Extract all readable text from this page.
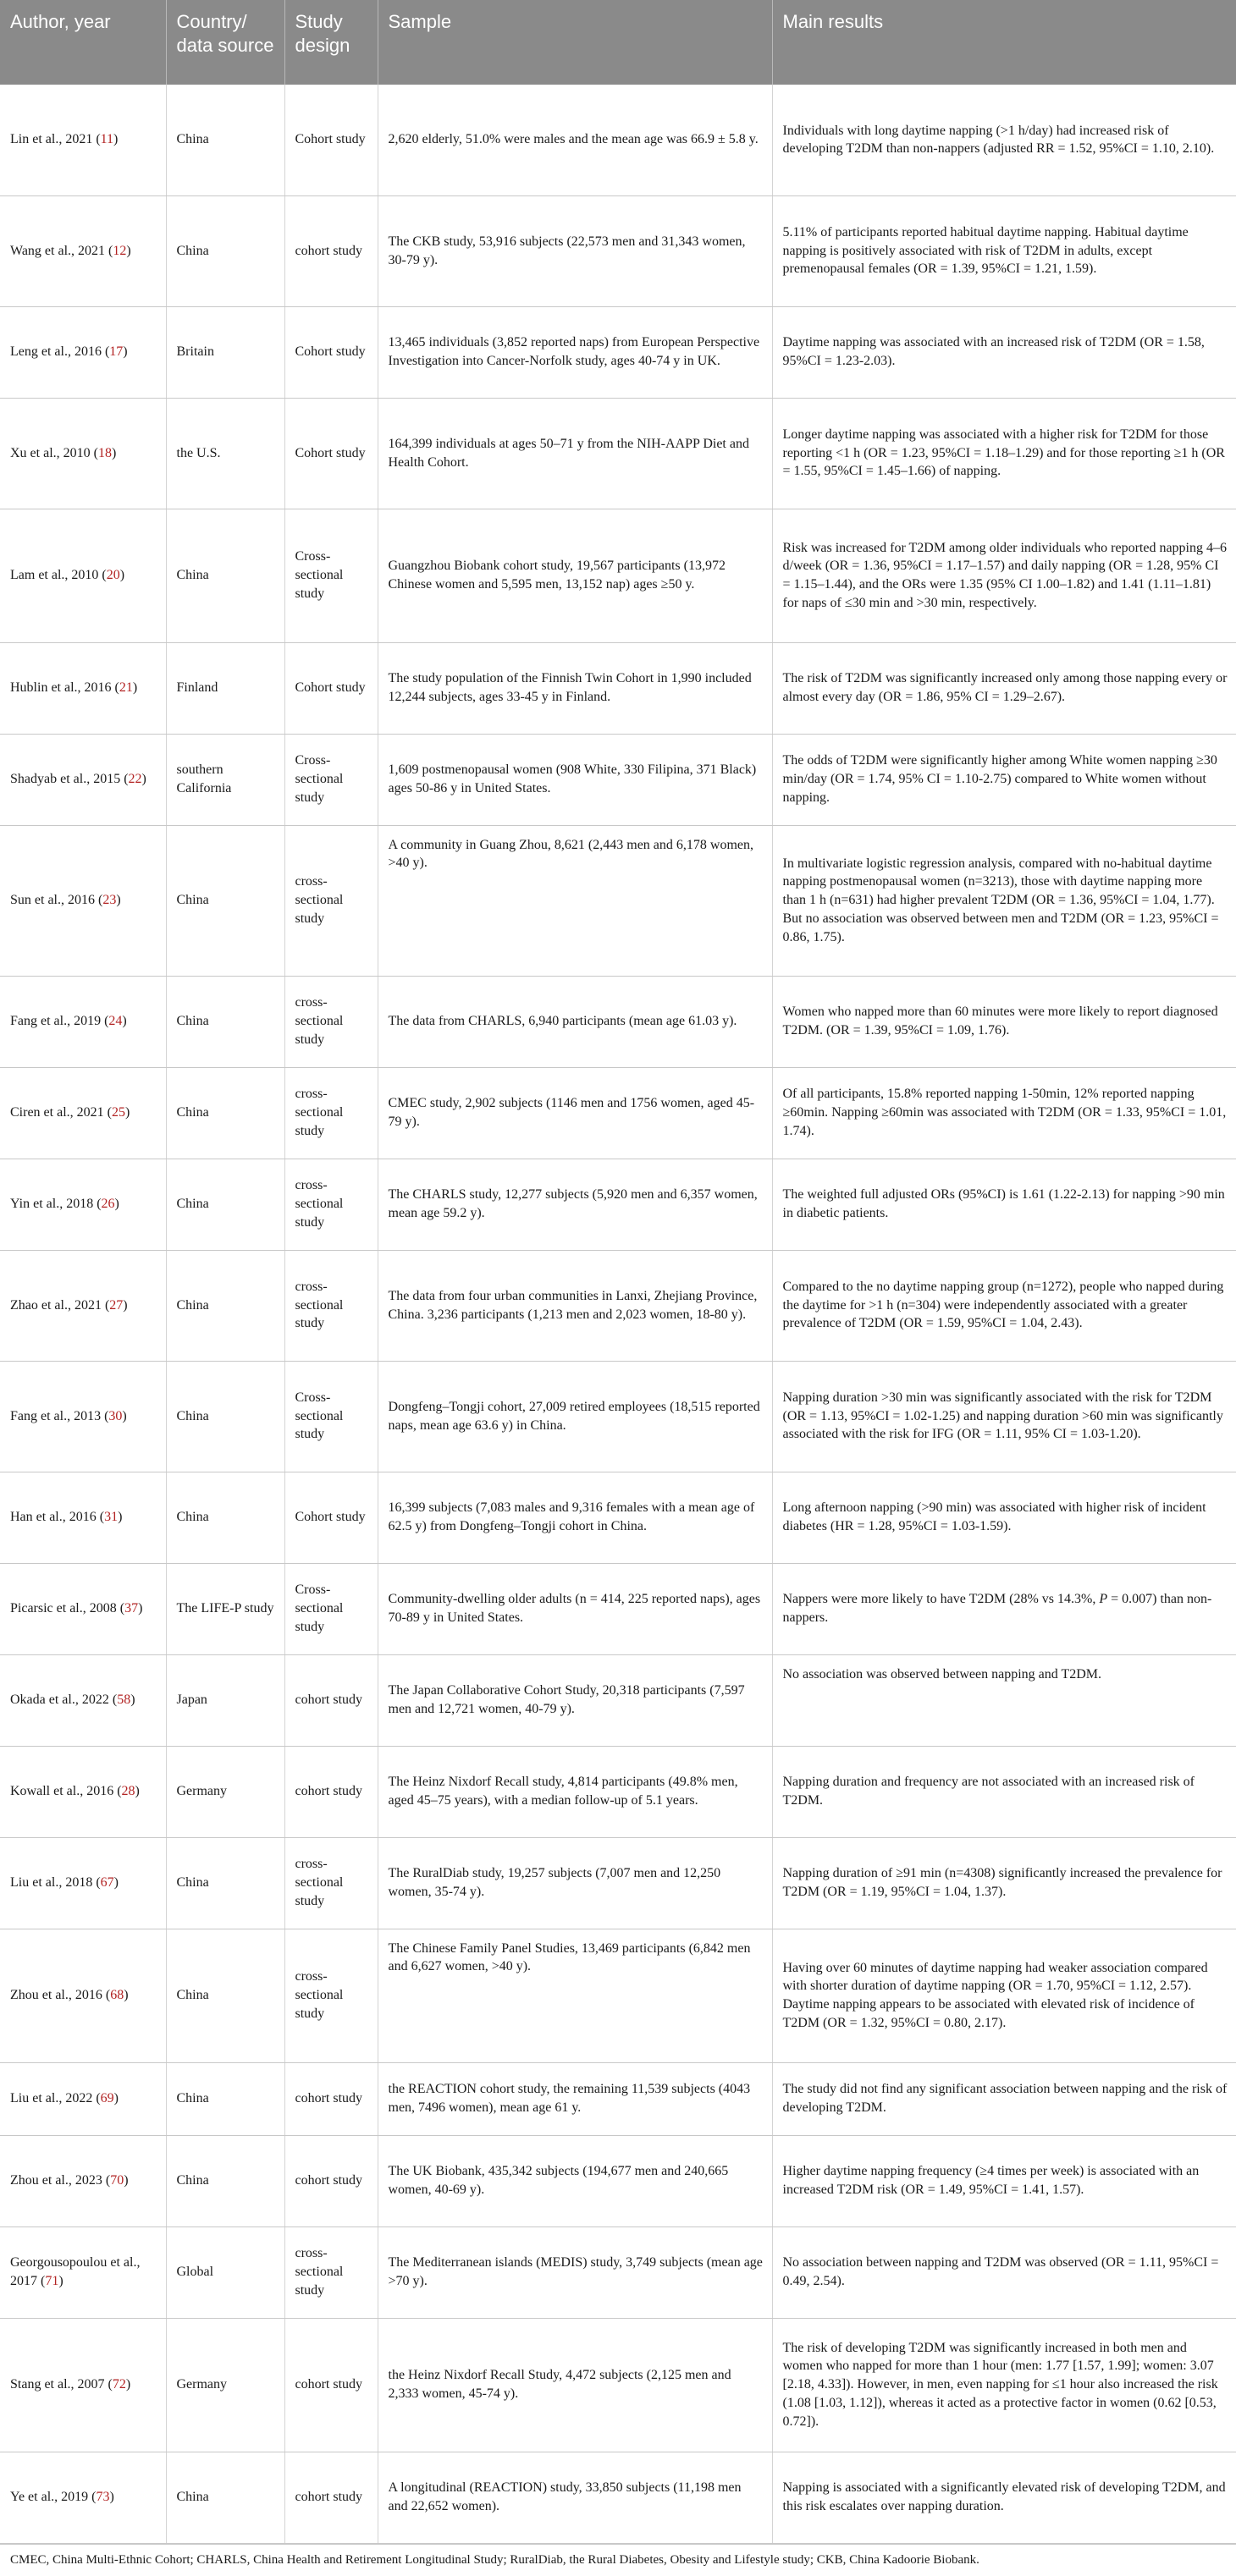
Author, year	Country/ data source	Study design	Sample	Main results
Lin et al., 2021 (11)	China	Cohort study	2,620 elderly, 51.0% were males and the mean age was 66.9 ± 5.8 y.	Individuals with long daytime napping (>1 h/day) had increased risk of developing T2DM than non-nappers (adjusted RR = 1.52, 95%CI = 1.10, 2.10).
Wang et al., 2021 (12)	China	cohort study	The CKB study, 53,916 subjects (22,573 men and 31,343 women, 30-79 y).	5.11% of participants reported habitual daytime napping. Habitual daytime napping is positively associated with risk of T2DM in adults, except premenopausal females (OR = 1.39, 95%CI = 1.21, 1.59).
Leng et al., 2016 (17)	Britain	Cohort study	13,465 individuals (3,852 reported naps) from European Perspective Investigation into Cancer-Norfolk study, ages 40-74 y in UK.	Daytime napping was associated with an increased risk of T2DM (OR = 1.58, 95%CI = 1.23-2.03).
Xu et al., 2010 (18)	the U.S.	Cohort study	164,399 individuals at ages 50–71 y from the NIH-AAPP Diet and Health Cohort.	Longer daytime napping was associated with a higher risk for T2DM for those reporting <1 h (OR = 1.23, 95%CI = 1.18–1.29) and for those reporting ≥1 h (OR = 1.55, 95%CI = 1.45–1.66) of napping.
Lam et al., 2010 (20)	China	Cross-sectional study	Guangzhou Biobank cohort study, 19,567 participants (13,972 Chinese women and 5,595 men, 13,152 nap) ages ≥50 y.	Risk was increased for T2DM among older individuals who reported napping 4–6 d/week (OR = 1.36, 95%CI = 1.17–1.57) and daily napping (OR = 1.28, 95% CI = 1.15–1.44), and the ORs were 1.35 (95% CI 1.00–1.82) and 1.41 (1.11–1.81) for naps of ≤30 min and >30 min, respectively.
Hublin et al., 2016 (21)	Finland	Cohort study	The study population of the Finnish Twin Cohort in 1,990 included 12,244 subjects, ages 33-45 y in Finland.	The risk of T2DM was significantly increased only among those napping every or almost every day (OR = 1.86, 95% CI = 1.29–2.67).
Shadyab et al., 2015 (22)	southern California	Cross-sectional study	1,609 postmenopausal women (908 White, 330 Filipina, 371 Black) ages 50-86 y in United States.	The odds of T2DM were significantly higher among White women napping ≥30 min/day (OR = 1.74, 95% CI = 1.10-2.75) compared to White women without napping.
Sun et al., 2016 (23)	China	cross-sectional study	A community in Guang Zhou, 8,621 (2,443 men and 6,178 women, >40 y).	In multivariate logistic regression analysis, compared with no-habitual daytime napping postmenopausal women (n=3213), those with daytime napping more than 1 h (n=631) had higher prevalent T2DM (OR = 1.36, 95%CI = 1.04, 1.77). But no association was observed between men and T2DM (OR = 1.23, 95%CI = 0.86, 1.75).
Fang et al., 2019 (24)	China	cross-sectional study	The data from CHARLS, 6,940 participants (mean age 61.03 y).	Women who napped more than 60 minutes were more likely to report diagnosed T2DM. (OR = 1.39, 95%CI = 1.09, 1.76).
Ciren et al., 2021 (25)	China	cross-sectional study	CMEC study, 2,902 subjects (1146 men and 1756 women, aged 45-79 y).	Of all participants, 15.8% reported napping 1-50min, 12% reported napping ≥60min. Napping ≥60min was associated with T2DM (OR = 1.33, 95%CI = 1.01, 1.74).
Yin et al., 2018 (26)	China	cross-sectional study	The CHARLS study, 12,277 subjects (5,920 men and 6,357 women, mean age 59.2 y).	The weighted full adjusted ORs (95%CI) is 1.61 (1.22-2.13) for napping >90 min in diabetic patients.
Zhao et al., 2021 (27)	China	cross-sectional study	The data from four urban communities in Lanxi, Zhejiang Province, China. 3,236 participants (1,213 men and 2,023 women, 18-80 y).	Compared to the no daytime napping group (n=1272), people who napped during the daytime for >1 h (n=304) were independently associated with a greater prevalence of T2DM (OR = 1.59, 95%CI = 1.04, 2.43).
Fang et al., 2013 (30)	China	Cross-sectional study	Dongfeng–Tongji cohort, 27,009 retired employees (18,515 reported naps, mean age 63.6 y) in China.	Napping duration >30 min was significantly associated with the risk for T2DM (OR = 1.13, 95%CI = 1.02-1.25) and napping duration >60 min was significantly associated with the risk for IFG (OR = 1.11, 95% CI = 1.03-1.20).
Han et al., 2016 (31)	China	Cohort study	16,399 subjects (7,083 males and 9,316 females with a mean age of 62.5 y) from Dongfeng–Tongji cohort in China.	Long afternoon napping (>90 min) was associated with higher risk of incident diabetes (HR = 1.28, 95%CI = 1.03-1.59).
Picarsic et al., 2008 (37)	The LIFE-P study	Cross-sectional study	Community-dwelling older adults (n = 414, 225 reported naps), ages 70-89 y in United States.	Nappers were more likely to have T2DM (28% vs 14.3%, P = 0.007) than non-nappers.
Okada et al., 2022 (58)	Japan	cohort study	The Japan Collaborative Cohort Study, 20,318 participants (7,597 men and 12,721 women, 40-79 y).	No association was observed between napping and T2DM.
Kowall et al., 2016 (28)	Germany	cohort study	The Heinz Nixdorf Recall study, 4,814 participants (49.8% men, aged 45–75 years), with a median follow-up of 5.1 years.	Napping duration and frequency are not associated with an increased risk of T2DM.
Liu et al., 2018 (67)	China	cross-sectional study	The RuralDiab study, 19,257 subjects (7,007 men and 12,250 women, 35-74 y).	Napping duration of ≥91 min (n=4308) significantly increased the prevalence for T2DM (OR = 1.19, 95%CI = 1.04, 1.37).
Zhou et al., 2016 (68)	China	cross-sectional study	The Chinese Family Panel Studies, 13,469 participants (6,842 men and 6,627 women, >40 y).	Having over 60 minutes of daytime napping had weaker association compared with shorter duration of daytime napping (OR = 1.70, 95%CI = 1.12, 2.57). Daytime napping appears to be associated with elevated risk of incidence of T2DM (OR = 1.32, 95%CI = 0.80, 2.17).
Liu et al., 2022 (69)	China	cohort study	the REACTION cohort study, the remaining 11,539 subjects (4043 men, 7496 women), mean age 61 y.	The study did not find any significant association between napping and the risk of developing T2DM.
Zhou et al., 2023 (70)	China	cohort study	The UK Biobank, 435,342 subjects (194,677 men and 240,665 women, 40-69 y).	Higher daytime napping frequency (≥4 times per week) is associated with an increased T2DM risk (OR = 1.49, 95%CI = 1.41, 1.57).
Georgousopoulou et al., 2017 (71)	Global	cross-sectional study	The Mediterranean islands (MEDIS) study, 3,749 subjects (mean age >70 y).	No association between napping and T2DM was observed (OR = 1.11, 95%CI = 0.49, 2.54).
Stang et al., 2007 (72)	Germany	cohort study	the Heinz Nixdorf Recall Study, 4,472 subjects (2,125 men and 2,333 women, 45-74 y).	The risk of developing T2DM was significantly increased in both men and women who napped for more than 1 hour (men: 1.77 [1.57, 1.99]; women: 3.07 [2.18, 4.33]). However, in men, even napping for ≤1 hour also increased the risk (1.08 [1.03, 1.12]), whereas it acted as a protective factor in women (0.62 [0.53, 0.72]).
Ye et al., 2019 (73)	China	cohort study	A longitudinal (REACTION) study, 33,850 subjects (11,198 men and 22,652 women).	Napping is associated with a significantly elevated risk of developing T2DM, and this risk escalates over napping duration.
CMEC, China Multi-Ethnic Cohort; CHARLS, China Health and Retirement Longitudinal Study; RuralDiab, the Rural Diabetes, Obesity and Lifestyle study; CKB, China Kadoorie Biobank.
